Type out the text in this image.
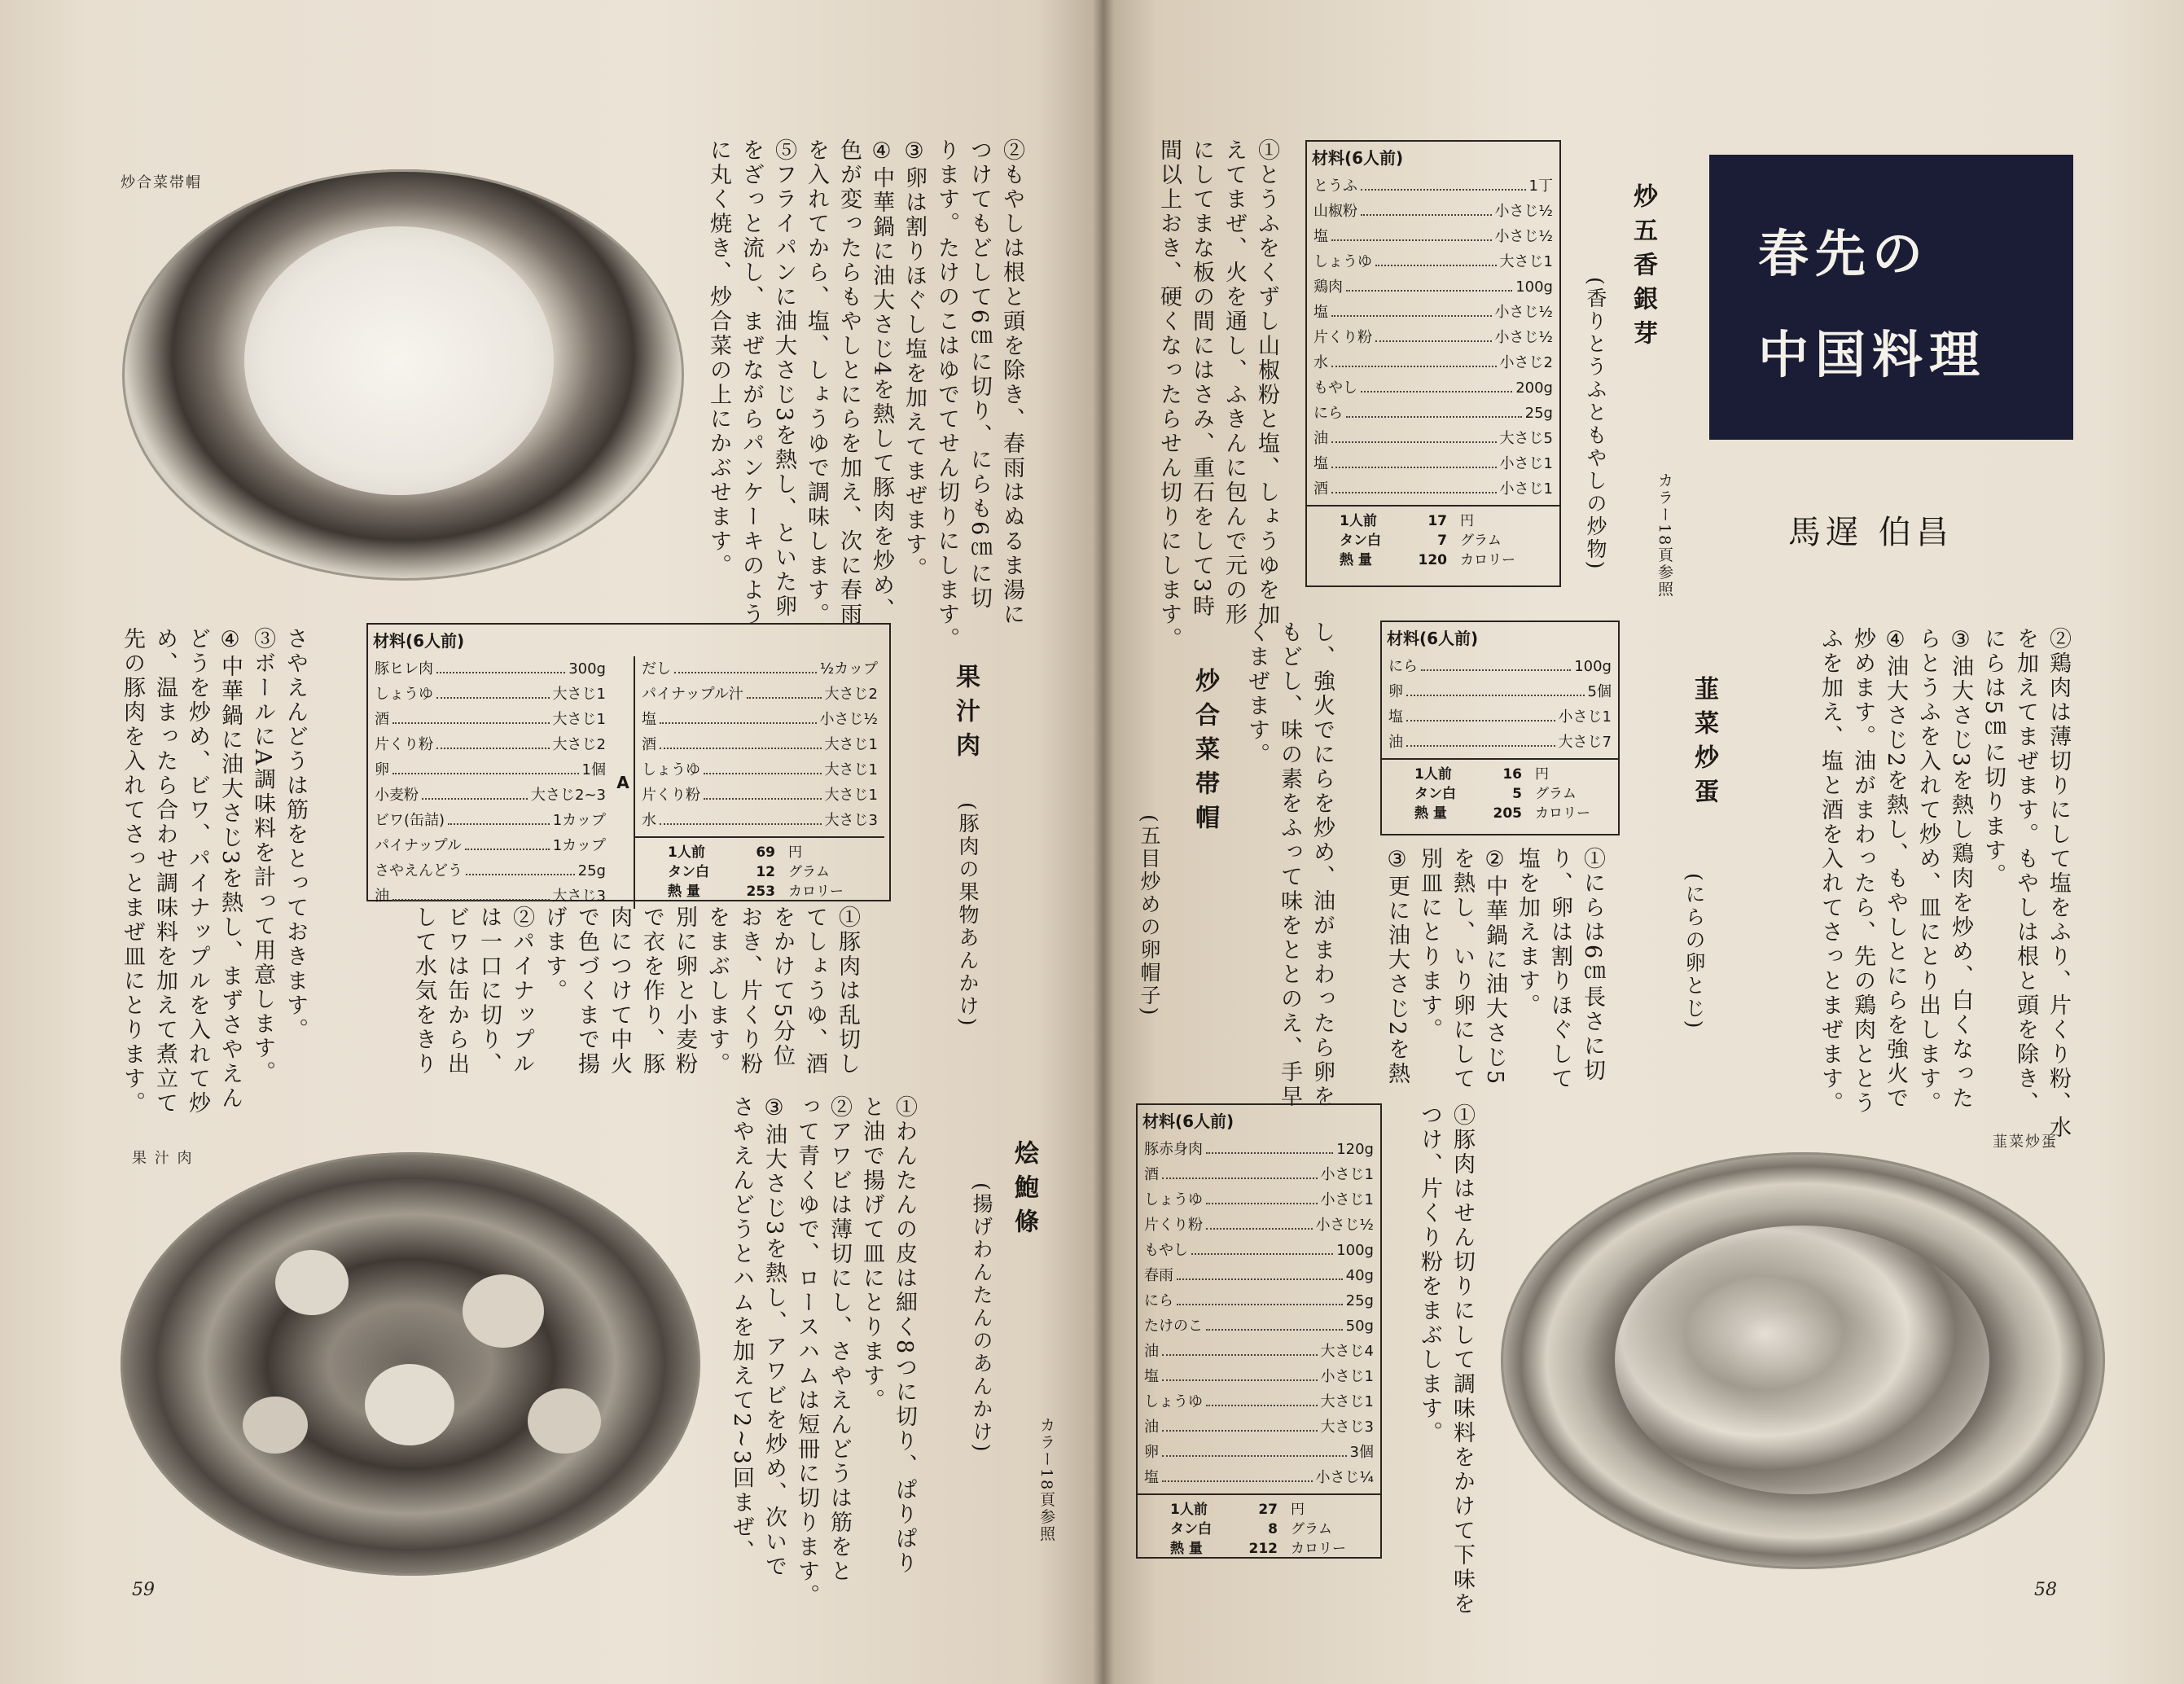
炒合菜帯帽	②もやしは根と頭を除き、春雨はぬるま湯に
つけてもどして6㎝に切り、にらも6㎝に切
ります。たけのこはゆでてせん切りにします。
③卵は割りほぐし塩を加えてまぜます。
④中華鍋に油大さじ4を熱して豚肉を炒め、
色が変ったらもやしとにらを加え、次に春雨
を入れてから、塩、しょうゆで調味します。
⑤フライパンに油大さじ3を熱し、といた卵
をざっと流し、まぜながらパンケーキのよう
に丸く焼き、炒合菜の上にかぶせます。
果汁肉
(豚肉の果物あんかけ)
材料(6人前)
豚ヒレ肉	300g
しょうゆ	大さじ1
酒	大さじ1
片くり粉	大さじ2
卵	1個
小麦粉	大さじ2~3
ビワ(缶詰)	1カップ
パイナップル	1カップ
さやえんどう	25g
油	大さじ3
A
だし	½カップ
パイナップル汁	大さじ2
塩	小さじ½
酒	大さじ1
しょうゆ	大さじ1
片くり粉	大さじ1
水	大さじ3
1人前	69 円
タン白	12 グラム
熱 量	253 カロリー
①豚肉は乱切し
てしょうゆ、酒
をかけて5分位
おき、片くり粉
をまぶします。
別に卵と小麦粉
で衣を作り、豚
肉につけて中火
で色づくまで揚
げます。
②パイナップル
は一口に切り、
ビワは缶から出
して水気をきり
さやえんどうは筋をとっておきます。
③ボールにA調味料を計って用意します。
④中華鍋に油大さじ3を熱し、まずさやえん
どうを炒め、ビワ、パイナップルを入れて炒
め、温まったら合わせ調味料を加えて煮立て
先の豚肉を入れてさっとまぜ皿にとります。
烩鮑條
(揚げわんたんのあんかけ)
カラー18頁参照
①わんたんの皮は細く8つに切り、ぱりぱり
と油で揚げて皿にとります。
②アワビは薄切にし、さやえんどうは筋をと
って青くゆで、ロースハムは短冊に切ります。
③油大さじ3を熱し、アワビを炒め、次いで
さやえんどうとハムを加えて2~3回まぜ、
果 汁 肉
59
春先の
中国料理
馬遅 伯昌
炒五香銀芽
(香りとうふともやしの炒物)	カラー18頁参照
材料(6人前)
とうふ	1丁
山椒粉	小さじ½
塩	小さじ½
しょうゆ	大さじ1
鶏肉	100g
塩	小さじ½
片くり粉	小さじ½
水	小さじ2
もやし	200g
にら	25g
油	大さじ5
塩	小さじ1
酒	小さじ1
1人前	17 円
タン白	7 グラム
熱 量	120 カロリー
①とうふをくずし山椒粉と塩、しょうゆを加
えてまぜ、火を通し、ふきんに包んで元の形
にしてまな板の間にはさみ、重石をして3時
間以上おき、硬くなったらせん切りにします。
②鶏肉は薄切りにして塩をふり、片くり粉、水
を加えてまぜます。もやしは根と頭を除き、
にらは5㎝に切ります。
③油大さじ3を熱し鶏肉を炒め、白くなった
らとうふを入れて炒め、皿にとり出します。
④油大さじ2を熱し、もやしとにらを強火で
炒めます。油がまわったら、先の鶏肉ととう
ふを加え、塩と酒を入れてさっとまぜます。
韮菜炒蛋
(にらの卵とじ)
材料(6人前)
にら	100g
卵	5個
塩	小さじ1
油	大さじ7
1人前	16 円
タン白	5 グラム
熱 量	205 カロリー
①にらは6㎝長さに切
り、卵は割りほぐして
塩を加えます。
②中華鍋に油大さじ5
を熱し、いり卵にして
別皿にとります。
③更に油大さじ2を熱
炒合菜帯帽
(五目炒めの卵帽子)	し、強火でにらを炒め、油がまわったら卵を
もどし、味の素をふって味をととのえ、手早
くまぜます。
材料(6人前)
豚赤身肉	120g
酒	小さじ1
しょうゆ	小さじ1
片くり粉	小さじ½
もやし	100g
春雨	40g
にら	25g
たけのこ	50g
油	大さじ4
塩	小さじ1
しょうゆ	大さじ1
油	大さじ3
卵	3個
塩	小さじ¼
1人前	27 円
タン白	8 グラム
熱 量	212 カロリー	①豚肉はせん切りにして調味料をかけて下味を
つけ、片くり粉をまぶします。	韮菜炒蛋
58
